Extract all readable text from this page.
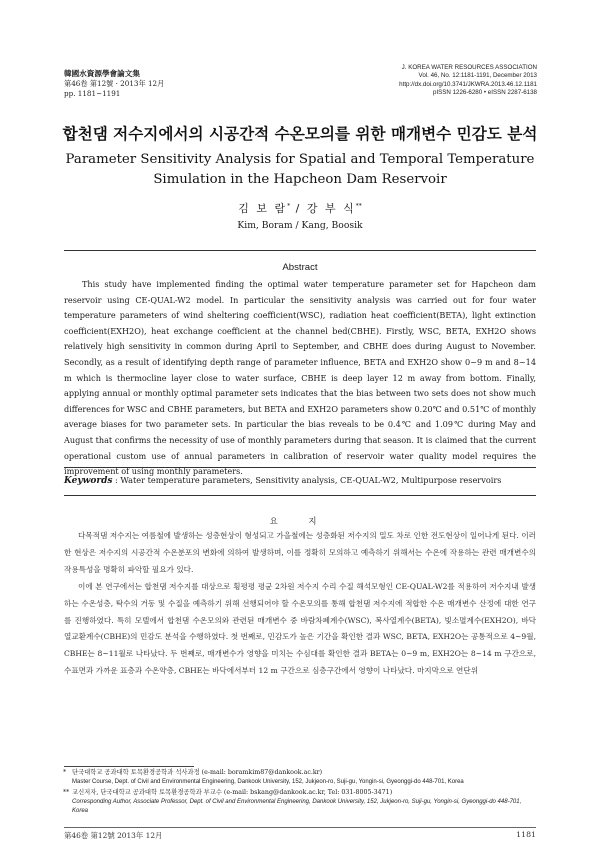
韓國水資源學會論文集
第46卷 第12號 · 2013年 12月
pp. 1181~1191
J. KOREA WATER RESOURCES ASSOCIATION
Vol. 46, No. 12:1181-1191, December 2013
http://dx.doi.org/10.3741/JKWRA.2013.46.12.1181
pISSN 1226-6280 • eISSN 2287-6138
합천댐 저수지에서의 시공간적 수온모의를 위한 매개변수 민감도 분석
Parameter Sensitivity Analysis for Spatial and Temporal Temperature
Simulation in the Hapcheon Dam Reservoir
김 보 람* / 강 부 식**
Kim, Boram / Kang, Boosik
Abstract

This study have implemented finding the optimal water temperature parameter set for Hapcheon dam reservoir using CE-QUAL-W2 model. In particular the sensitivity analysis was carried out for four water temperature parameters of wind sheltering coefficient(WSC), radiation heat coefficient(BETA), light extinction coefficient(EXH2O), heat exchange coefficient at the channel bed(CBHE). Firstly, WSC, BETA, EXH2O shows relatively high sensitivity in common during April to September, and CBHE does during August to November. Secondly, as a result of identifying depth range of parameter influence, BETA and EXH2O show 0~9 m and 8~14 m which is thermocline layer close to water surface, CBHE is deep layer 12 m away from bottom. Finally, applying annual or monthly optimal parameter sets indicates that the bias between two sets does not show much differences for WSC and CBHE parameters, but BETA and EXH2O parameters show 0.20℃ and 0.51℃ of monthly average biases for two parameter sets. In particular the bias reveals to be 0.4℃ and 1.09℃ during May and August that confirms the necessity of use of monthly parameters during that season. It is claimed that the current operational custom use of annual parameters in calibration of reservoir water quality model requires the improvement of using monthly parameters.

Keywords : Water temperature parameters, Sensitivity analysis, CE-QUAL-W2, Multipurpose reservoirs
요 지

다목적댐 저수지는 여름철에 발생하는 성층현상이 형성되고 가을철에는 성층화된 저수지의 밀도 차로 인한 전도현상이 일어나게 된다. 이러한 현상은 저수지의 시공간적 수온분포의 변화에 의하여 발생하며, 이를 정확히 모의하고 예측하기 위해서는 수온에 작용하는 관련 매개변수의 작용특성을 명확히 파악할 필요가 있다.

이에 본 연구에서는 합천댐 저수지를 대상으로 횡평평 평균 2차원 저수지 수리 수질 해석모형인 CE-QUAL-W2를 적용하여 저수지내 발생하는 수온성층, 탁수의 거동 및 수질을 예측하기 위해 선행되어야 할 수온모의를 통해 합천댐 저수지에 적합한 수온 매개변수 산정에 대한 연구를 진행하였다. 특히 모델에서 합천댐 수온모의와 관련된 매개변수 중 바람차폐계수(WSC), 복사열계수(BETA), 빛소멸계수(EXH2O), 바닥 열교환계수(CBHE)의 민감도 분석을 수행하였다. 첫 번째로, 민감도가 높은 기간을 확인한 결과 WSC, BETA, EXH2O는 공통적으로 4~9월, CBHE는 8~11월로 나타났다. 두 번째로, 매개변수가 영향을 미치는 수심대를 확인한 결과 BETA는 0~9 m, EXH2O는 8~14 m 구간으로, 수표면과 가까운 표층과 수온약층, CBHE는 바닥에서부터 12 m 구간으로 심층구간에서 영향이 나타났다. 마지막으로 연단위

* 단국대학교 공과대학 토목환경공학과 석사과정 (e-mail: boramkim87@dankook.ac.kr)
Master Course, Dept. of Civil and Environmental Engineering, Dankook University, 152, Jukjeon-ro, Suji-gu, Yongin-si, Gyeonggi-do 448-701, Korea
** 교신저자, 단국대학교 공과대학 토목환경공학과 부교수 (e-mail: bskang@dankook.ac.kr, Tel: 031-8005-3471)
Corresponding Author, Associate Professor, Dept. of Civil and Environmental Engineering, Dankook University, 152, Jukjeon-ro, Suji-gu, Yongin-si, Gyeonggi-do 448-701, Korea
第46卷 第12號 2013年 12月	1181
